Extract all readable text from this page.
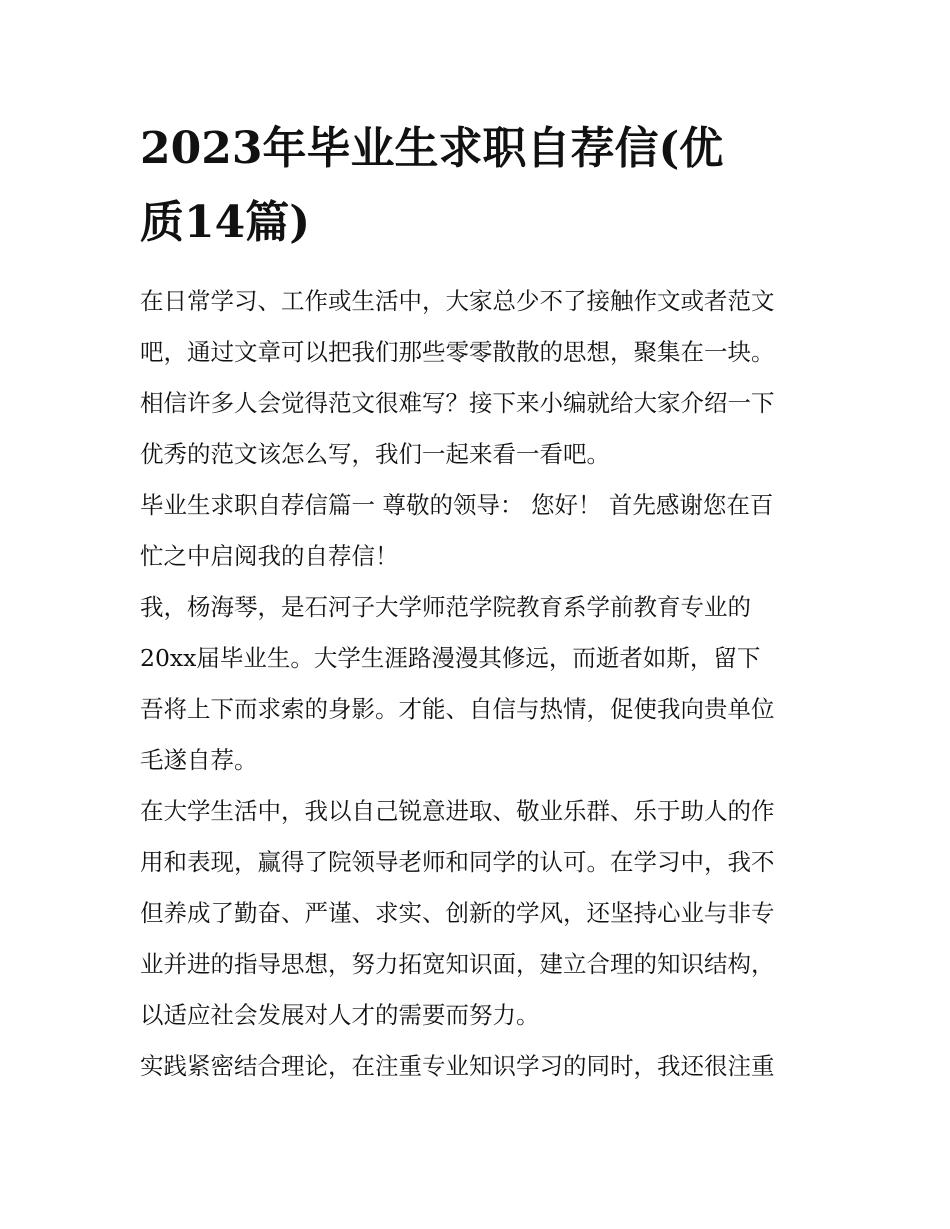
2023年毕业生求职自荐信(优
质14篇)
在日常学习、工作或生活中，大家总少不了接触作文或者范文
吧，通过文章可以把我们那些零零散散的思想，聚集在一块。
相信许多人会觉得范文很难写？接下来小编就给大家介绍一下
优秀的范文该怎么写，我们一起来看一看吧。
毕业生求职自荐信篇一 尊敬的领导： 您好！ 首先感谢您在百
忙之中启阅我的自荐信！
我，杨海琴，是石河子大学师范学院教育系学前教育专业的
20xx届毕业生。大学生涯路漫漫其修远，而逝者如斯，留下
吾将上下而求索的身影。才能、自信与热情，促使我向贵单位
毛遂自荐。
在大学生活中，我以自己锐意进取、敬业乐群、乐于助人的作
用和表现，赢得了院领导老师和同学的认可。在学习中，我不
但养成了勤奋、严谨、求实、创新的学风，还坚持心业与非专
业并进的指导思想，努力拓宽知识面，建立合理的知识结构，
以适应社会发展对人才的需要而努力。
实践紧密结合理论，在注重专业知识学习的同时，我还很注重
